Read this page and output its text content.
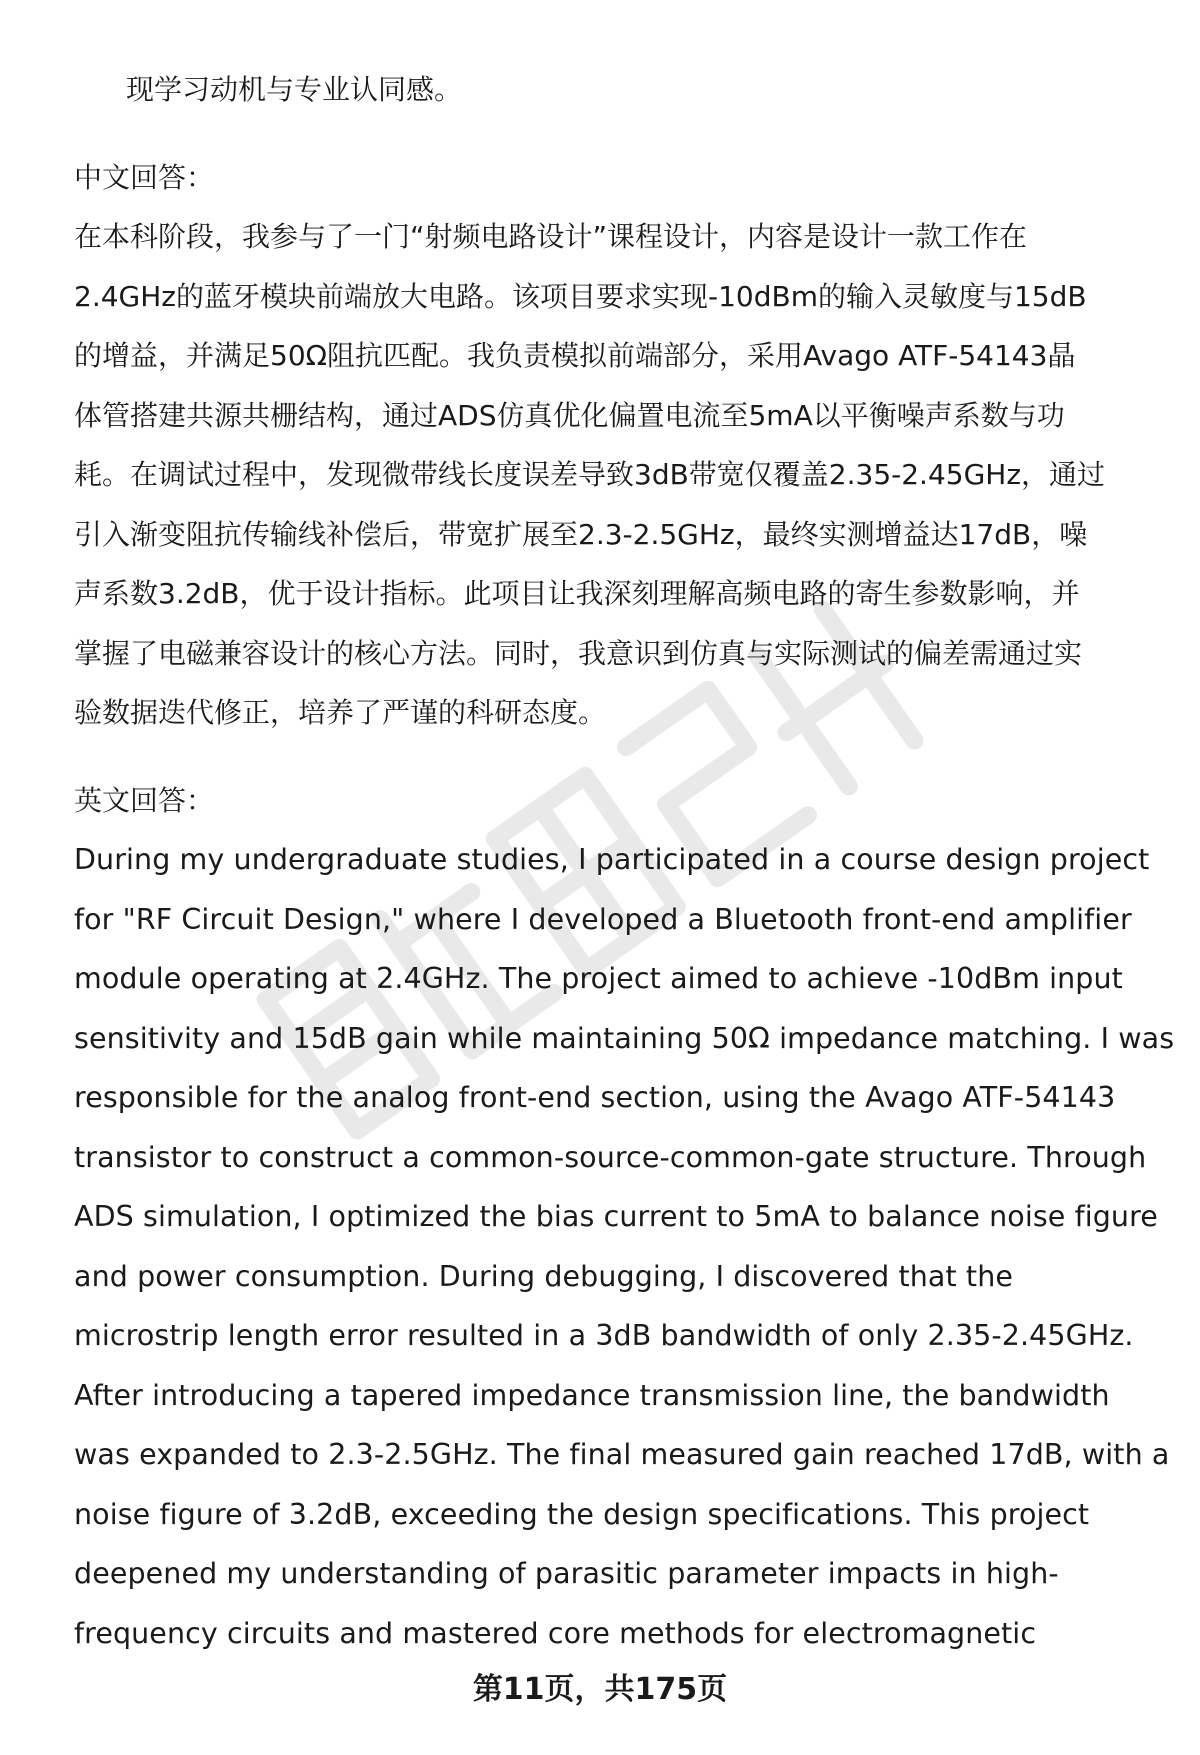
现学习动机与专业认同感。
中文回答：
在本科阶段，我参与了一门“射频电路设计”课程设计，内容是设计一款工作在
2.4GHz的蓝牙模块前端放大电路。该项目要求实现-10dBm的输入灵敏度与15dB
的增益，并满足50Ω阻抗匹配。我负责模拟前端部分，采用Avago ATF-54143晶
体管搭建共源共栅结构，通过ADS仿真优化偏置电流至5mA以平衡噪声系数与功
耗。在调试过程中，发现微带线长度误差导致3dB带宽仅覆盖2.35-2.45GHz，通过
引入渐变阻抗传输线补偿后，带宽扩展至2.3-2.5GHz，最终实测增益达17dB，噪
声系数3.2dB，优于设计指标。此项目让我深刻理解高频电路的寄生参数影响，并
掌握了电磁兼容设计的核心方法。同时，我意识到仿真与实际测试的偏差需通过实
验数据迭代修正，培养了严谨的科研态度。
英文回答：
During my undergraduate studies, I participated in a course design project
for "RF Circuit Design," where I developed a Bluetooth front-end amplifier
module operating at 2.4GHz. The project aimed to achieve -10dBm input
sensitivity and 15dB gain while maintaining 50Ω impedance matching. I was
responsible for the analog front-end section, using the Avago ATF-54143
transistor to construct a common-source-common-gate structure. Through
ADS simulation, I optimized the bias current to 5mA to balance noise figure
and power consumption. During debugging, I discovered that the
microstrip length error resulted in a 3dB bandwidth of only 2.35-2.45GHz.
After introducing a tapered impedance transmission line, the bandwidth
was expanded to 2.3-2.5GHz. The final measured gain reached 17dB, with a
noise figure of 3.2dB, exceeding the design specifications. This project
deepened my understanding of parasitic parameter impacts in high-
frequency circuits and mastered core methods for electromagnetic
第11页，共175页
